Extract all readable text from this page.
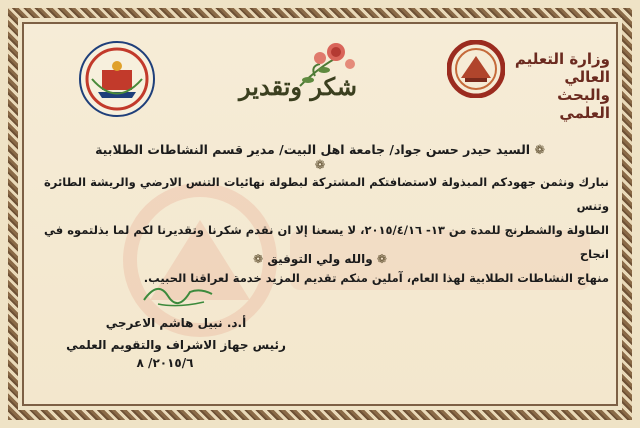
وزارة التعليم العالي
والبحث العلمي
شكر وتقدير
❁ السيد حيدر حسن جواد/ جامعة اهل البيت/ مدير قسم النشاطات الطلابية ❁
نبارك ونثمن جهودكم المبذولة لاستضافتكم المشتركة لبطولة نهائيات التنس الارضي والريشة الطائرة وتنس
الطاولة والشطرنج للمدة من ١٣- ٢٠١٥/٤/١٦، لا يسعنا إلا ان نقدم شكرنا وتقديرنا لكم لما بذلتموه في انجاح
منهاج النشاطات الطلابية لهذا العام، آملين منكم تقديم المزيد خدمة لعراقنا الحبيب.
❁ والله ولي التوفيق ❁
أ.د. نبيل هاشم الاعرجي
رئيس جهاز الاشراف والتقويم العلمي
٢٠١٥/٦/ ٨
